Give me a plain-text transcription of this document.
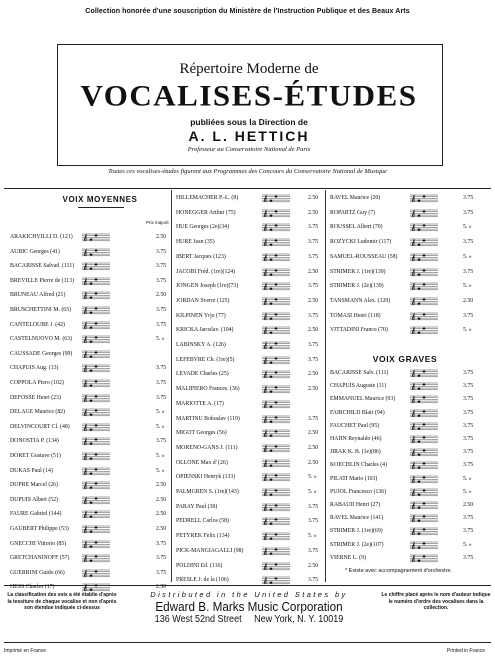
Collection honorée d'une souscription du Ministère de l'Instruction Publique et des Beaux Arts
Répertoire Moderne de
VOCALISES-ÉTUDES
publiées sous la Direction de
A. L. HETTICH
Professeur au Conservatoire National de Paris
Toutes ces vocalises-études figurent aux Programmes des Concours du Conservatoire National de Musique
VOIX MOYENNES
Prix majoré
ARAKICHVILLI D. (121)	2.50
AUBIC Georges (41)	3.75
BACARISSE Salvad. (111)	3.75
BREVILLE Pierre de (113)	3.75
BRUNEAU Alfred (21)	2.50
BRUSCHETTINI M. (65)	3.75
CANTELOUBE J. (42)	3.75
CASTELNUOVO M. (63)	5. »
CAUSSADE Georges (99)
CHAPUIS Aug. (13)	3.75
COPPOLA Piero (102)	3.75
DEFOSSE Henri (23)	3.75
DELAGE Maurice (82)	5. »
DELVINCOURT Cl. (48)	5. »
DONOSTIA P. (134)	3.75
DORET Gustave (51)	5. »
DUKAS Paul (14)	5. »
DUPRE Marcel (26)	2.50
DUPUIS Albert (52)	2.50
FAURE Gabriel (144)	2.50
GAUBERT Philippe (53)	2.50
GNECCHI Vittorio (85)	3.75
GRETCHANINOFF (57)	3.75
GUERRINI Guido (66)	3.75
HESS Charles (17)	2.50
HILLEMACHER P.-L. (8)	2.50
HONEGGER Arthur (75)	2.50
HUE Georges (2e)(34)	3.75
HURE Jean (35)	3.75
IBERT Jacques (123)	3.75
JACOBI Fréd. (1re)(124)	2.50
JONGEN Joseph (1re)(73)	3.75
JORDAN Sverre (125)	2.50
KILPINEN Yrjo (77)	3.75
KRICKA Jaroslav. (104)	2.50
LABINSKY A. (126)	3.75
LEFEBVRE Ch. (1re)(5)	3.75
LEVADE Charles (25)	2.50
MALIPIERO Frances. (36)	2.50
MARIOTTE A. (17)
MARTINU Bohuslav (119)	3.75
MIGOT Georges (56)	2.50
MORENO-GANS J. (111)	2.50
OLLONE Max d' (26)	2.50
OPIENSKI Henryk (133)	5. »
PALMGREN S. (1re)(143)	5. »
PARAY Paul (38)	3.75
PEDRELL Carlos (58)	3.75
PETYREK Felix (134)	5. »
PICK-MANGIAGALLI (98)	3.75
POLDINI Ed. (116)	2.50
PRESLE J. de la (106)	3.75
RAVEL Maurice (20)	3.75
ROPARTZ Guy (7)	3.75
ROUSSEL Albert (70)	5. »
ROZYCKI Ludomir (117)	3.75
SAMUEL-ROUSSEAU (58)	5. »
STRIMER J. (1re)(139)	3.75
STRIMER J. (2e)(139)	5. »
TANSMANN Alex. (120)	2.50
TOMASI Henri (118)	3.75
VITTADINI Franco (70)	5. »
VOIX GRAVES
BACARISSE Salv. (111)	3.75
CHAPUIS Auguste (11)	3.75
EMMANUEL Maurice (93)	3.75
FAIRCHILD Blair (94)	3.75
FAUCHET Paul (95)	3.75
HAHN Reynaldo (46)	3.75
JIRAK K. B. (1e)(86)	3.75
KOECHLIN Charles (4)	3.75
PILATI Mario (103)	5. »
PUJOL Francesco (136)	5. »
RABAUD Henri (27)	2.50
RAVEL Maurice (141)	3.75
STRIMER J. (1re)(69)	3.75
STRIMER J. (2e)(107)	5. »
VIERNE L. (9)	3.75
* Existe avec accompagnement d'orchestre.
La classification des voix a été établie d'après la tessiture de chaque vocalise et non d'après son étendue indiquée ci-dessus
Distributed in the United States by
Edward B. Marks Music Corporation
136 West 52nd Street     New York, N. Y. 10019
Le chiffre placé après le nom d'auteur indique le numéro d'ordre des vocalises dans la collection.
Imprimé en France	Printed in France
